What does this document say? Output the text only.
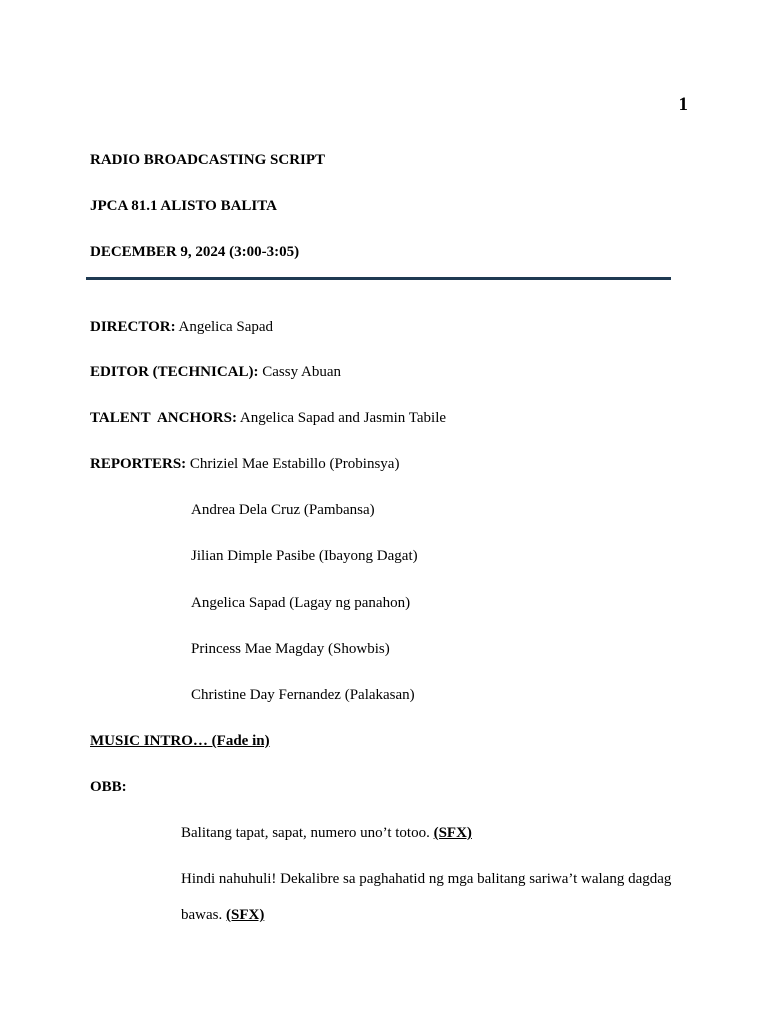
1
RADIO BROADCASTING SCRIPT
JPCA 81.1 ALISTO BALITA
DECEMBER 9, 2024 (3:00-3:05)
DIRECTOR: Angelica Sapad
EDITOR (TECHNICAL): Cassy Abuan
TALENT  ANCHORS: Angelica Sapad and Jasmin Tabile
REPORTERS: Chriziel Mae Estabillo (Probinsya)
Andrea Dela Cruz (Pambansa)
Jilian Dimple Pasibe (Ibayong Dagat)
Angelica Sapad (Lagay ng panahon)
Princess Mae Magday (Showbis)
Christine Day Fernandez (Palakasan)
MUSIC INTRO… (Fade in)
OBB:
Balitang tapat, sapat, numero uno’t totoo. (SFX)
Hindi nahuhuli! Dekalibre sa paghahatid ng mga balitang sariwa’t walang dagdag
bawas. (SFX)
